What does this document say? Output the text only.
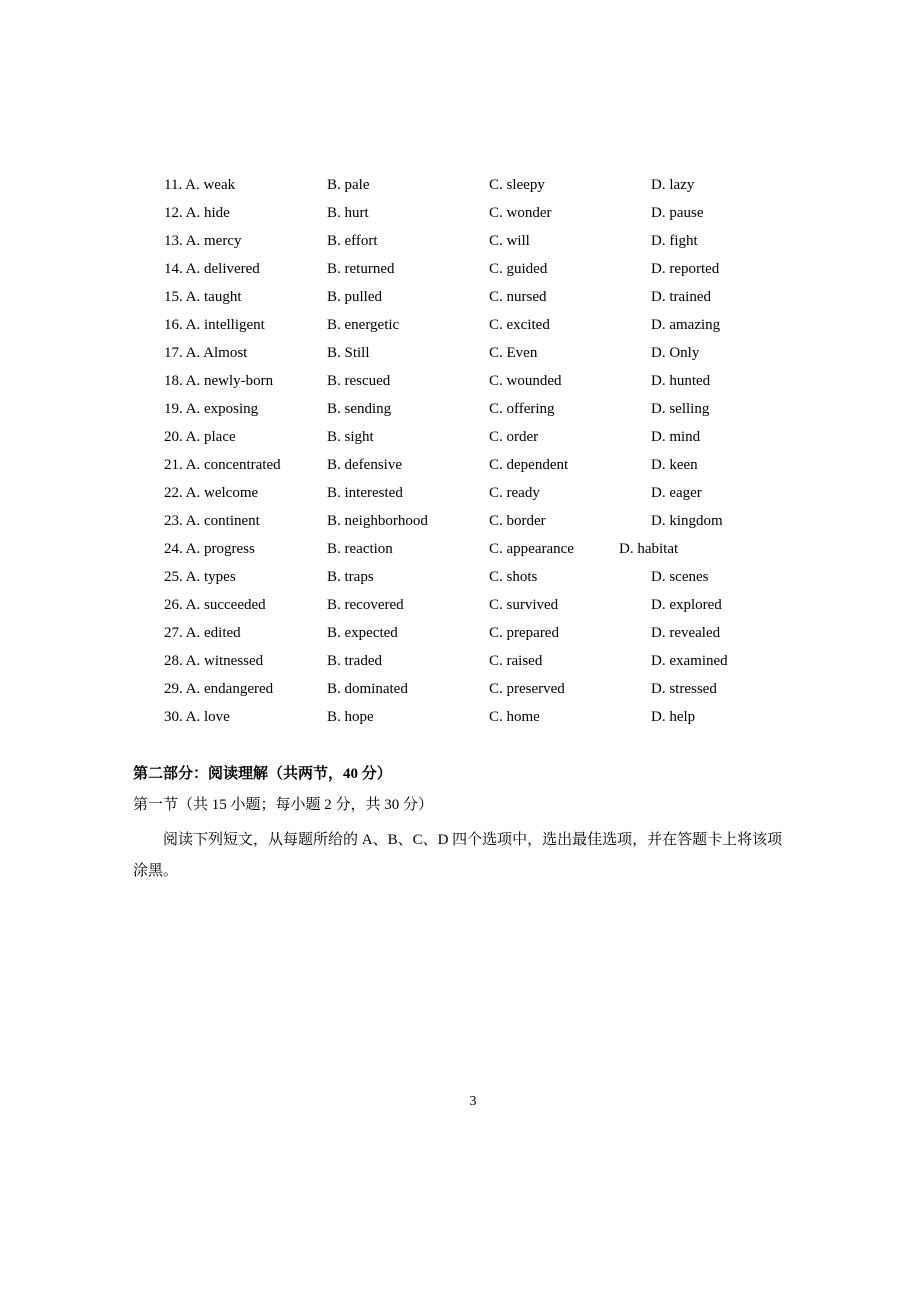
11. A. weak	B. pale	C. sleepy	D. lazy
12. A. hide	B. hurt	C. wonder	D. pause
13. A. mercy	B. effort	C. will	D. fight
14. A. delivered	B. returned	C. guided	D. reported
15. A. taught	B. pulled	C. nursed	D. trained
16. A. intelligent	B. energetic	C. excited	D. amazing
17. A. Almost	B. Still	C. Even	D. Only
18. A. newly-born	B. rescued	C. wounded	D. hunted
19. A. exposing	B. sending	C. offering	D. selling
20. A. place	B. sight	C. order	D. mind
21. A. concentrated	B. defensive	C. dependent	D. keen
22. A. welcome	B. interested	C. ready	D. eager
23. A. continent	B. neighborhood	C. border	D. kingdom
24. A. progress	B. reaction	C. appearance	D. habitat
25. A. types	B. traps	C. shots	D. scenes
26. A. succeeded	B. recovered	C. survived	D. explored
27. A. edited	B. expected	C. prepared	D. revealed
28. A. witnessed	B. traded	C. raised	D. examined
29. A. endangered	B. dominated	C. preserved	D. stressed
30. A. love	B. hope	C. home	D. help
第二部分：阅读理解（共两节，40 分）
第一节（共 15 小题；每小题 2 分，共 30 分）
阅读下列短文，从每题所给的 A、B、C、D 四个选项中，选出最佳选项，并在答题卡上将该项涂黑。
3
